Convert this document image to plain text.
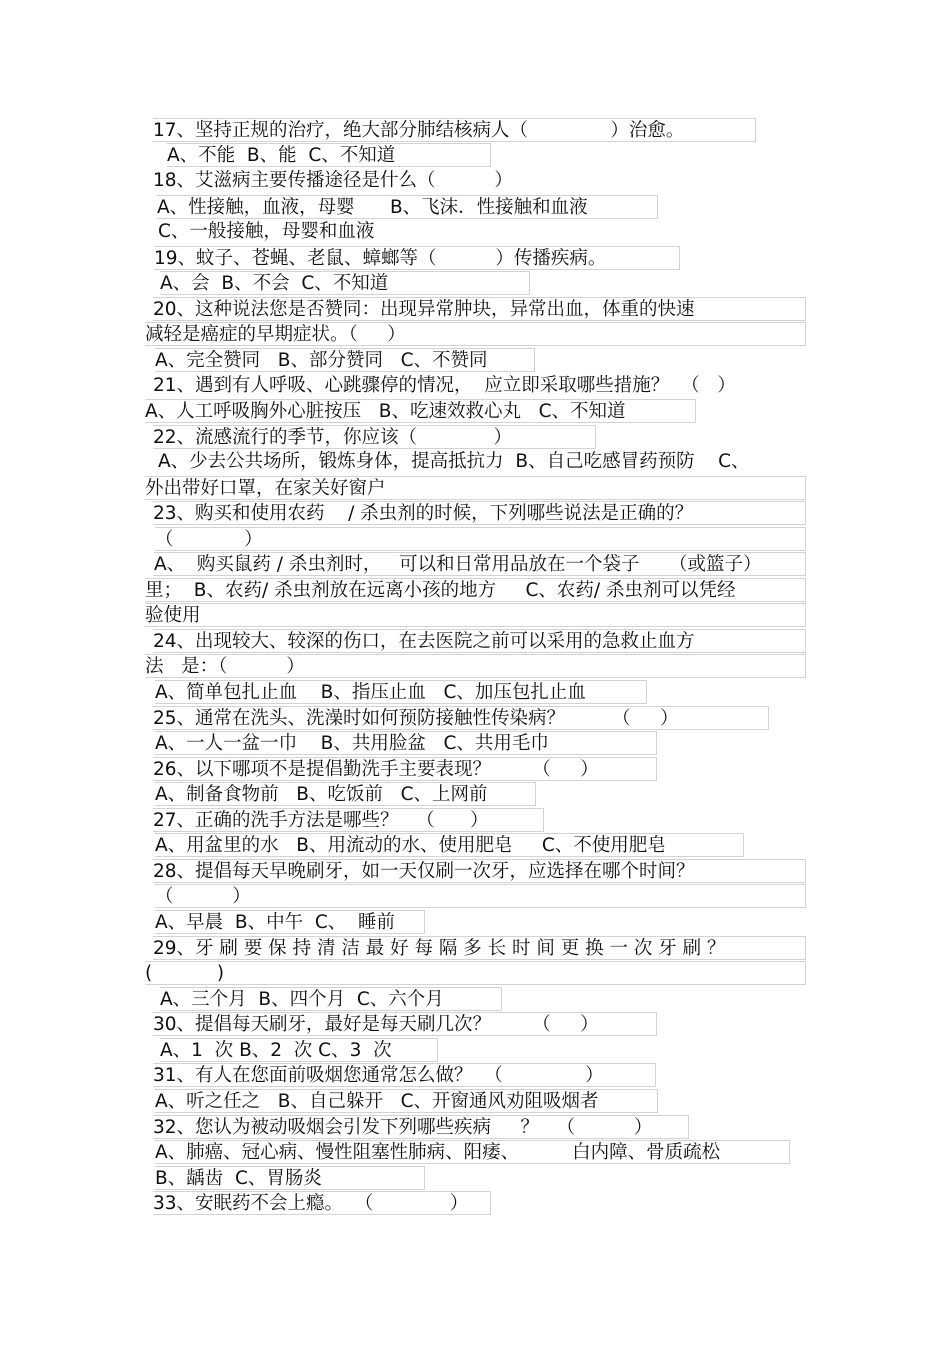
17、坚持正规的治疗，绝大部分肺结核病人（              ）治愈。
A、不能  B、能  C、不知道
18、艾滋病主要传播途径是什么（          ）
A、性接触，血液，母婴      B、飞沫．性接触和血液
C、一般接触，母婴和血液
19、蚊子、苍蝇、老鼠、蟑螂等（          ）传播疾病。
A、会  B、不会  C、不知道
20、这种说法您是否赞同：出现异常肿块，异常出血，体重的快速
减轻是癌症的早期症状。（     ）
A、完全赞同   B、部分赞同   C、不赞同
21、遇到有人呼吸、心跳骤停的情况，  应立即采取哪些措施？  （   ）
A、人工呼吸胸外心脏按压   B、吃速效救心丸   C、不知道
22、流感流行的季节，你应该（             ）
A、少去公共场所，锻炼身体，提高抵抗力  B、自己吃感冒药预防    C、
外出带好口罩，在家关好窗户
23、购买和使用农药    / 杀虫剂的时候，下列哪些说法是正确的？
（            ）
A、  购买鼠药 / 杀虫剂时，   可以和日常用品放在一个袋子     （或篮子）
里；  B、农药/ 杀虫剂放在远离小孩的地方     C、农药/ 杀虫剂可以凭经
验使用
24、出现较大、较深的伤口，在去医院之前可以采用的急救止血方
法   是：（          ）
A、简单包扎止血    B、指压止血   C、加压包扎止血
25、通常在洗头、洗澡时如何预防接触性传染病？        （     ）
A、一人一盆一巾    B、共用脸盆   C、共用毛巾
26、以下哪项不是提倡勤洗手主要表现？       （     ）
A、制备食物前   B、吃饭前   C、上网前
27、正确的洗手方法是哪些？   （      ）
A、用盆里的水   B、用流动的水、使用肥皂     C、不使用肥皂
28、提倡每天早晚刷牙，如一天仅刷一次牙，应选择在哪个时间？
（          ）
A、早晨  B、中午  C、  睡前
29、牙 刷 要 保 持 清 洁 最 好 每 隔 多 长 时 间 更 换 一 次 牙 刷 ？
(           )
A、三个月  B、四个月  C、六个月
30、提倡每天刷牙，最好是每天刷几次？       （     ）
A、1  次 B、2  次 C、3  次
31、有人在您面前吸烟您通常怎么做？  （              ）
A、听之任之   B、自己躲开   C、开窗通风劝阻吸烟者
32、您认为被动吸烟会引发下列哪些疾病     ？   （          ）
A、肺癌、冠心病、慢性阻塞性肺病、阳痿、         白内障、骨质疏松
B、龋齿  C、胃肠炎
33、安眠药不会上瘾。  （             ）
